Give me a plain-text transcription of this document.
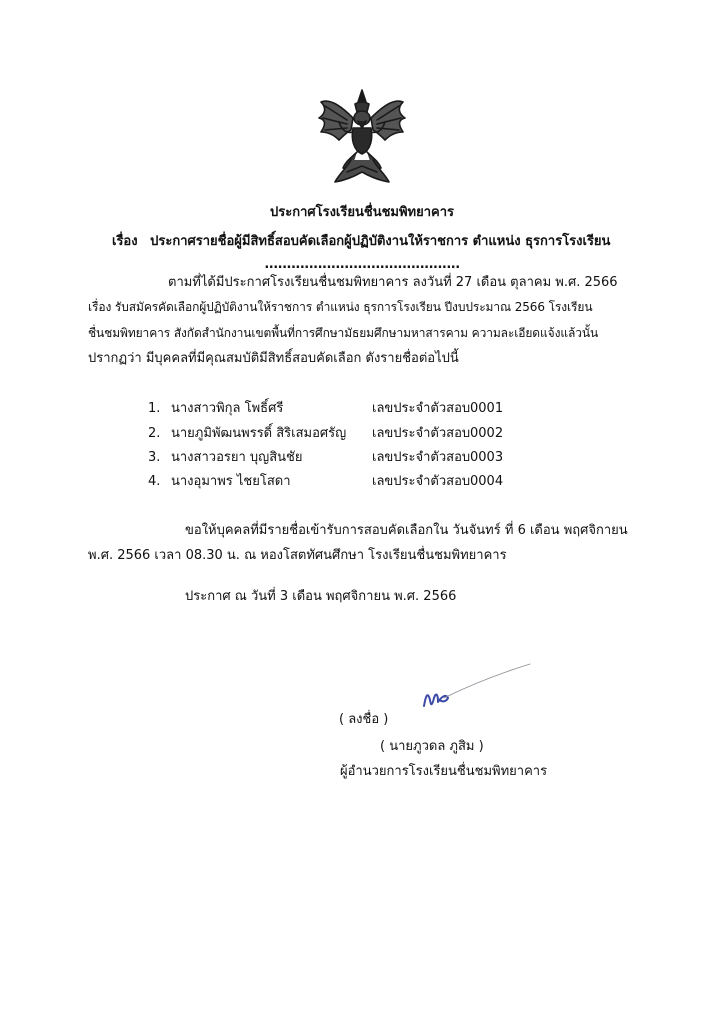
ประกาศโรงเรียนชื่นชมพิทยาคาร
เรื่อง ประกาศรายชื่อผู้มีสิทธิ์สอบคัดเลือกผู้ปฏิบัติงานให้ราชการ ตำแหน่ง ธุรการโรงเรียน
............................................
ตามที่ได้มีประกาศโรงเรียนชื่นชมพิทยาคาร ลงวันที่ 27 เดือน ตุลาคม พ.ศ. 2566
เรื่อง รับสมัครคัดเลือกผู้ปฏิบัติงานให้ราชการ ตำแหน่ง ธุรการโรงเรียน ปีงบประมาณ 2566 โรงเรียน
ชื่นชมพิทยาคาร สังกัดสำนักงานเขตพื้นที่การศึกษามัธยมศึกษามหาสารคาม ความละเอียดแจ้งแล้วนั้น
ปรากฏว่า มีบุคคลที่มีคุณสมบัติมีสิทธิ์สอบคัดเลือก ดังรายชื่อต่อไปนี้
1. นางสาวพิกุล โพธิ์ศรี	เลขประจำตัวสอบ 0001
2. นายภูมิพัฒนพรรดิ์ สิริเสมอศรัญ เลขประจำตัวสอบ 0002
3. นางสาวอรยา บุญสินชัย	เลขประจำตัวสอบ 0003
4. นางอุมาพร ไชยโสดา	เลขประจำตัวสอบ 0004
ขอให้บุคคลที่มีรายชื่อเข้ารับการสอบคัดเลือกใน วันจันทร์ ที่ 6 เดือน พฤศจิกายน
พ.ศ. 2566 เวลา 08.30 น. ณ หองโสตทัศนศึกษา โรงเรียนชื่นชมพิทยาคาร
ประกาศ ณ วันที่ 3 เดือน พฤศจิกายน พ.ศ. 2566
( ลงชื่อ )
( นายภูวดล ภูสิม )
ผู้อำนวยการโรงเรียนชื่นชมพิทยาคาร
